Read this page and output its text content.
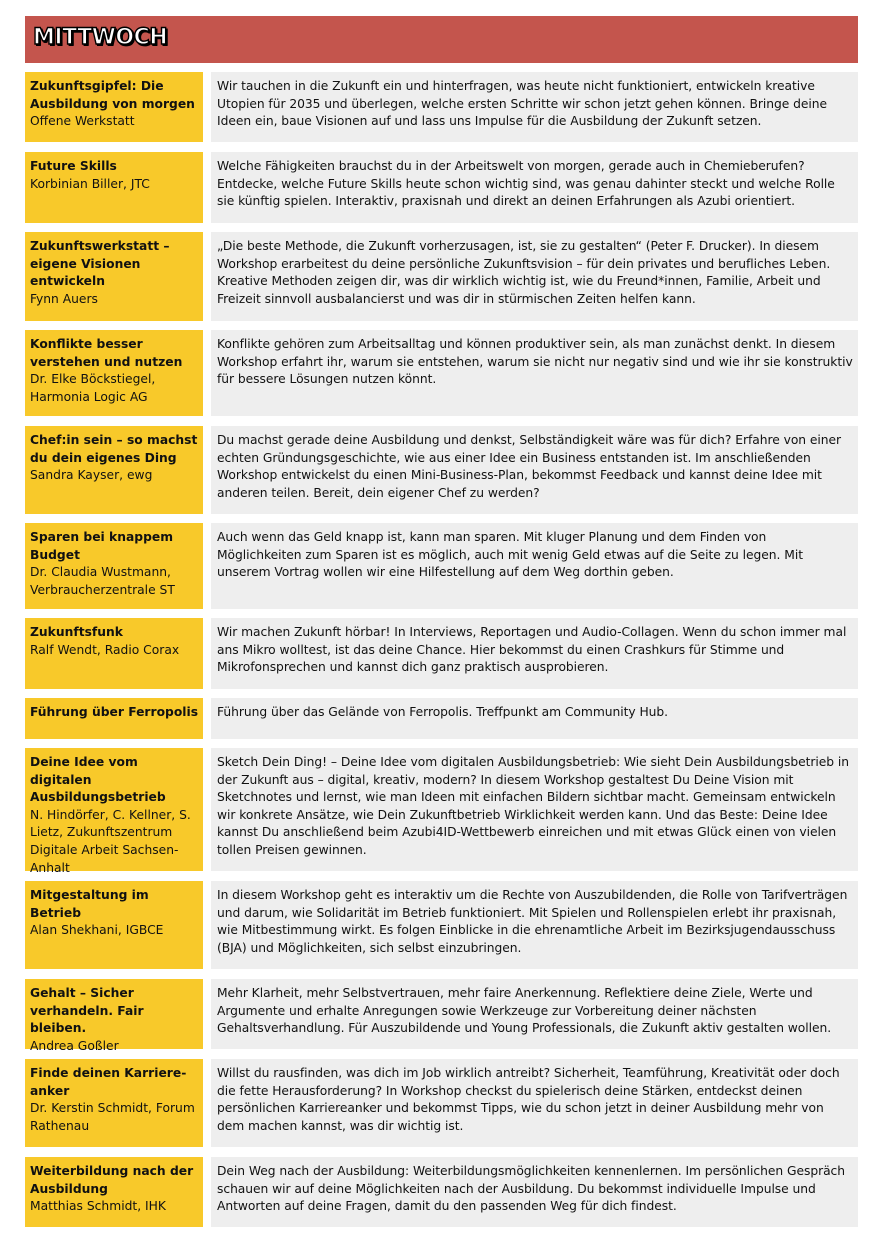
MITTWOCH
Zukunftsgipfel: Die Ausbildung von morgen
Offene Werkstatt
Wir tauchen in die Zukunft ein und hinterfragen, was heute nicht funktioniert, entwickeln kreative Utopien für 2035 und überlegen, welche ersten Schritte wir schon jetzt gehen können. Bringe deine Ideen ein, baue Visionen auf und lass uns Impulse für die Ausbildung der Zukunft setzen.
Future Skills
Korbinian Biller, JTC
Welche Fähigkeiten brauchst du in der Arbeitswelt von morgen, gerade auch in Chemieberufen? Entdecke, welche Future Skills heute schon wichtig sind, was genau dahinter steckt und welche Rolle sie künftig spielen. Interaktiv, praxisnah und direkt an deinen Erfahrungen als Azubi orientiert.
Zukunftswerkstatt – eigene Visionen entwickeln
Fynn Auers
„Die beste Methode, die Zukunft vorherzusagen, ist, sie zu gestalten“ (Peter F. Drucker). In diesem Workshop erarbeitest du deine persönliche Zukunftsvision – für dein privates und berufliches Leben. Kreative Methoden zeigen dir, was dir wirklich wichtig ist, wie du Freund*innen, Familie, Arbeit und Freizeit sinnvoll ausbalancierst und was dir in stürmischen Zeiten helfen kann.
Konflikte besser verstehen und nutzen
Dr. Elke Böckstiegel, Harmonia Logic AG
Konflikte gehören zum Arbeitsalltag und können produktiver sein, als man zunächst denkt. In diesem Workshop erfahrt ihr, warum sie entstehen, warum sie nicht nur negativ sind und wie ihr sie konstruktiv für bessere Lösungen nutzen könnt.
Chef:in sein – so machst du dein eigenes Ding
Sandra Kayser, ewg
Du machst gerade deine Ausbildung und denkst, Selbständigkeit wäre was für dich? Erfahre von einer echten Gründungsgeschichte, wie aus einer Idee ein Business entstanden ist. Im anschließenden Workshop entwickelst du einen Mini-Business-Plan, bekommst Feedback und kannst deine Idee mit anderen teilen. Bereit, dein eigener Chef zu werden?
Sparen bei knappem Budget
Dr. Claudia Wustmann, Verbraucherzentrale ST
Auch wenn das Geld knapp ist, kann man sparen. Mit kluger Planung und dem Finden von Möglichkeiten zum Sparen ist es möglich, auch mit wenig Geld etwas auf die Seite zu legen. Mit unserem Vortrag wollen wir eine Hilfestellung auf dem Weg dorthin geben.
Zukunftsfunk
Ralf Wendt, Radio Corax
Wir machen Zukunft hörbar! In Interviews, Reportagen und Audio-Collagen. Wenn du schon immer mal ans Mikro wolltest, ist das deine Chance. Hier bekommst du einen Crashkurs für Stimme und Mikrofonsprechen und kannst dich ganz praktisch ausprobieren.
Führung über Ferropolis	Führung über das Gelände von Ferropolis. Treffpunkt am Community Hub.
Deine Idee vom digitalen Ausbildungsbetrieb
N. Hindörfer, C. Kellner, S. Lietz, Zukunftszentrum Digitale Arbeit Sachsen-Anhalt
Sketch Dein Ding! – Deine Idee vom digitalen Ausbildungsbetrieb: Wie sieht Dein Ausbildungsbetrieb in der Zukunft aus – digital, kreativ, modern? In diesem Workshop gestaltest Du Deine Vision mit Sketchnotes und lernst, wie man Ideen mit einfachen Bildern sichtbar macht. Gemeinsam entwickeln wir konkrete Ansätze, wie Dein Zukunftbetrieb Wirklichkeit werden kann. Und das Beste: Deine Idee kannst Du anschließend beim Azubi4ID-Wettbewerb einreichen und mit etwas Glück einen von vielen tollen Preisen gewinnen.
Mitgestaltung im Betrieb
Alan Shekhani, IGBCE
In diesem Workshop geht es interaktiv um die Rechte von Auszubildenden, die Rolle von Tarifverträgen und darum, wie Solidarität im Betrieb funktioniert. Mit Spielen und Rollenspielen erlebt ihr praxisnah, wie Mitbestimmung wirkt. Es folgen Einblicke in die ehrenamtliche Arbeit im Bezirksjugendausschuss (BJA) und Möglichkeiten, sich selbst einzubringen.
Gehalt – Sicher verhandeln. Fair bleiben.
Andrea Goßler
Mehr Klarheit, mehr Selbstvertrauen, mehr faire Anerkennung. Reflektiere deine Ziele, Werte und Argumente und erhalte Anregungen sowie Werkzeuge zur Vorbereitung deiner nächsten Gehaltsverhandlung. Für Auszubildende und Young Professionals, die Zukunft aktiv gestalten wollen.
Finde deinen Karriere-anker
Dr. Kerstin Schmidt, Forum Rathenau
Willst du rausfinden, was dich im Job wirklich antreibt? Sicherheit, Teamführung, Kreativität oder doch die fette Herausforderung? In Workshop checkst du spielerisch deine Stärken, entdeckst deinen persönlichen Karriereanker und bekommst Tipps, wie du schon jetzt in deiner Ausbildung mehr von dem machen kannst, was dir wichtig ist.
Weiterbildung nach der Ausbildung
Matthias Schmidt, IHK
Dein Weg nach der Ausbildung: Weiterbildungsmöglichkeiten kennenlernen. Im persönlichen Gespräch schauen wir auf deine Möglichkeiten nach der Ausbildung. Du bekommst individuelle Impulse und Antworten auf deine Fragen, damit du den passenden Weg für dich findest.
